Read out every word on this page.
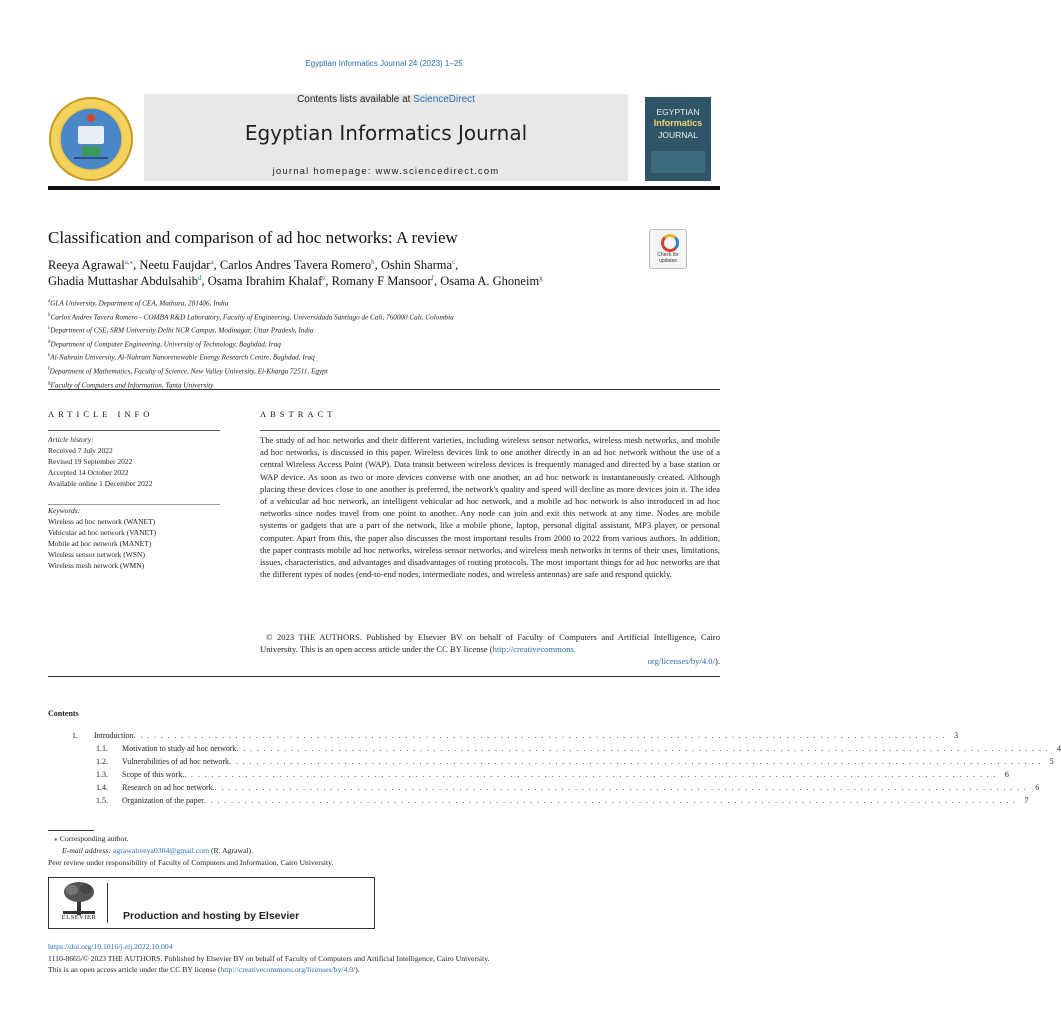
Egyptian Informatics Journal 24 (2023) 1–25
Contents lists available at ScienceDirect
Egyptian Informatics Journal
journal homepage: www.sciencedirect.com
EGYPTIAN
Informatics
JOURNAL
Classification and comparison of ad hoc networks: A review
Check for updates
Reeya Agrawal$^{a,⁎}$, Neetu Faujdar$^a$, Carlos Andres Tavera Romero$^b$, Oshin Sharma$^c$,
Ghadia Muttashar Abdulsahib$^d$, Osama Ibrahim Khalaf$^e$, Romany F Mansoor$^f$, Osama A. Ghoneim$^g$
$^a$GLA University, Department of CEA, Mathura, 281406, India
$^b$Carlos Andres Tavera Romero - COMBA R&D Laboratory, Faculty of Engineering, Universidada Santiago de Cali, 760000 Cali, Colombia
$^c$Department of CSE, SRM University Delhi NCR Campus, Modinagar, Uttar Pradesh, India
$^d$Department of Computer Engineering, University of Technology, Baghdad, Iraq
$^e$Al-Nahrain University, Al-Nahrain Nanorenewable Energy Research Centre, Baghdad, Iraq
$^f$Department of Mathematics, Faculty of Science, New Valley University, El-Kharga 72511, Egypt
$^g$Faculty of Computers and Information, Tanta University
ARTICLE INFO	ABSTRACT
Article history:
Received 7 July 2022
Revised 19 September 2022
Accepted 14 October 2022
Available online 1 December 2022
Keywords:
Wireless ad hoc network (WANET)
Vehicular ad hoc network (VANET)
Mobile ad hoc network (MANET)
Wireless sensor network (WSN)
Wireless mesh network (WMN)
The study of ad hoc networks and their different varieties, including wireless sensor networks, wireless mesh networks, and mobile ad hoc networks, is discussed in this paper. Wireless devices link to one another directly in an ad hoc network without the use of a central Wireless Access Point (WAP). Data transit between wireless devices is frequently managed and directed by a base station or WAP device. As soon as two or more devices converse with one another, an ad hoc network is instantaneously created. Although placing these devices close to one another is preferred, the network's quality and speed will decline as more devices join it. The idea of a vehicular ad hoc network, an intelligent vehicular ad hoc network, and a mobile ad hoc network is also introduced in ad hoc networks since nodes travel from one point to another. Any node can join and exit this network at any time. Nodes are mobile systems or gadgets that are a part of the network, like a mobile phone, laptop, personal digital assistant, MP3 player, or personal computer. Apart from this, the paper also discusses the most important results from 2000 to 2022 from various authors. In addition, the paper contrasts mobile ad hoc networks, wireless sensor networks, and wireless mesh networks in terms of their uses, limitations, issues, characteristics, and advantages and disadvantages of routing protocols. The most important things for ad hoc networks are that the different types of nodes (end-to-end nodes, intermediate nodes, and wireless antennas) are safe and respond quickly.
© 2023 THE AUTHORS. Published by Elsevier BV on behalf of Faculty of Computers and Artificial Intelligence, Cairo University. This is an open access article under the CC BY license (http://creativecommons.
org/licenses/by/4.0/).
Contents
1.	Introduction . . . . . . . . . . . . . . . . . . . . . . . . . . . . . . . . . . . . . . . . . . . . . . . . . . . . . . . . . . . . . . . . . . . . . . . . . . . . . . . . . . . . . . . . . . . . . . . . . . . . . . . . . . . . . . . . . . . . . . . .	3
1.1.	Motivation to study ad hoc network . . . . . . . . . . . . . . . . . . . . . . . . . . . . . . . . . . . . . . . . . . . . . . . . . . . . . . . . . . . . . . . . . . . . . . . . . . . . . . . . . . . . . . . . . . . . . . . . . . . . . . . . . . . . . . . . . . . . . . . .	4
1.2.	Vulnerabilities of ad hoc network . . . . . . . . . . . . . . . . . . . . . . . . . . . . . . . . . . . . . . . . . . . . . . . . . . . . . . . . . . . . . . . . . . . . . . . . . . . . . . . . . . . . . . . . . . . . . . . . . . . . . . . . . . . . . . . . . . . . . . . .	5
1.3.	Scope of this work. . . . . . . . . . . . . . . . . . . . . . . . . . . . . . . . . . . . . . . . . . . . . . . . . . . . . . . . . . . . . . . . . . . . . . . . . . . . . . . . . . . . . . . . . . . . . . . . . . . . . . . . . . . . . . . . . . . . . . . . .	6
1.4.	Research on ad hoc network. . . . . . . . . . . . . . . . . . . . . . . . . . . . . . . . . . . . . . . . . . . . . . . . . . . . . . . . . . . . . . . . . . . . . . . . . . . . . . . . . . . . . . . . . . . . . . . . . . . . . . . . . . . . . . . . . . . . . . . . .	6
1.5.	Organization of the paper . . . . . . . . . . . . . . . . . . . . . . . . . . . . . . . . . . . . . . . . . . . . . . . . . . . . . . . . . . . . . . . . . . . . . . . . . . . . . . . . . . . . . . . . . . . . . . . . . . . . . . . . . . . . . . . . . . . . . . . .	7
⁎ Corresponding author.
E-mail address: agrawalreeya0304@gmail.com (R. Agrawal).
Peer review under responsibility of Faculty of Computers and Information, Cairo University.
ELSEVIER	Production and hosting by Elsevier
https://doi.org/10.1016/j.eij.2022.10.004
1110-8665/© 2023 THE AUTHORS. Published by Elsevier BV on behalf of Faculty of Computers and Artificial Intelligence, Cairo University.
This is an open access article under the CC BY license (http://creativecommons.org/licenses/by/4.0/).
